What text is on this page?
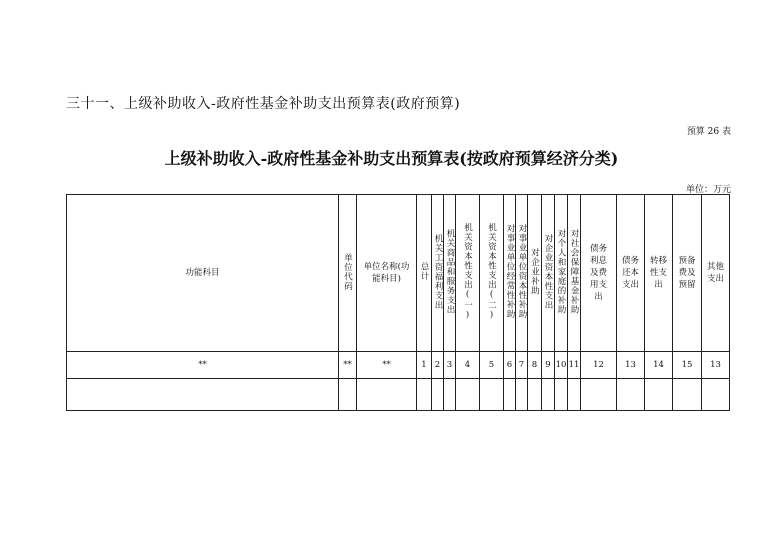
三十一、上级补助收入-政府性基金补助支出预算表(政府预算)
预算 26 表
上级补助收入-政府性基金补助支出预算表(按政府预算经济分类)
单位：万元
功能科目	单位代码	单位名称(功能科目)	总计	机关工资福利支出	机关商品和服务支出	机关资本性支出(一)	机关资本性支出(二)	对事业单位经常性补助	对事业单位资本性补助	对企业补助	对企业资本性支出	对个人和家庭的补助	对社会保障基金补助	债务利息及费用支出	债务还本支出	转移性支出	预备费及预留	其他支出
**	**	**	1	2	3	4	5	6	7	8	9	10	11	12	13	14	15	13
